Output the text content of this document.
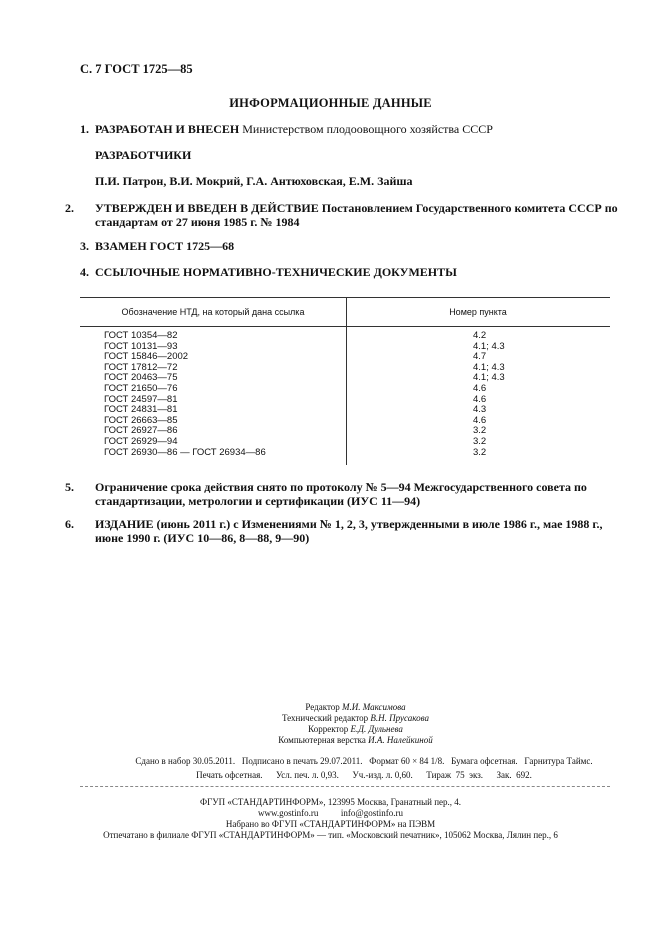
С. 7 ГОСТ 1725—85
ИНФОРМАЦИОННЫЕ ДАННЫЕ
1. РАЗРАБОТАН И ВНЕСЕН Министерством плодоовощного хозяйства СССР
РАЗРАБОТЧИКИ
П.И. Патрон, В.И. Мокрий, Г.А. Антюховская, Е.М. Зайша
2. УТВЕРЖДЕН И ВВЕДЕН В ДЕЙСТВИЕ Постановлением Государственного комитета СССР по стандартам от 27 июня 1985 г. № 1984
3. ВЗАМЕН ГОСТ 1725—68
4. ССЫЛОЧНЫЕ НОРМАТИВНО-ТЕХНИЧЕСКИЕ ДОКУМЕНТЫ
Обозначение НТД, на который дана ссылка	Номер пункта
ГОСТ 10354—82	4.2
ГОСТ 10131—93	4.1; 4.3
ГОСТ 15846—2002	4.7
ГОСТ 17812—72	4.1; 4.3
ГОСТ 20463—75	4.1; 4.3
ГОСТ 21650—76	4.6
ГОСТ 24597—81	4.6
ГОСТ 24831—81	4.3
ГОСТ 26663—85	4.6
ГОСТ 26927—86	3.2
ГОСТ 26929—94	3.2
ГОСТ 26930—86 — ГОСТ 26934—86	3.2
5. Ограничение срока действия снято по протоколу № 5—94 Межгосударственного совета по стандартизации, метрологии и сертификации (ИУС 11—94)
6. ИЗДАНИЕ (июнь 2011 г.) с Изменениями № 1, 2, 3, утвержденными в июле 1986 г., мае 1988 г., июне 1990 г. (ИУС 10—86, 8—88, 9—90)
Редактор М.И. Максимова
Технический редактор В.Н. Прусакова
Корректор Е.Д. Дульнева
Компьютерная верстка И.А. Налейкиной
Сдано в набор 30.05.2011.   Подписано в печать 29.07.2011.   Формат 60 × 84 1/8.   Бумага офсетная.   Гарнитура Таймс.
Печать офсетная.      Усл. печ. л. 0,93.      Уч.-изд. л. 0,60.      Тираж  75  экз.      Зак.  692.
ФГУП «СТАНДАРТИНФОРМ», 123995 Москва, Гранатный пер., 4.
www.gostinfo.ru          info@gostinfo.ru
Набрано во ФГУП «СТАНДАРТИНФОРМ» на ПЭВМ
Отпечатано в филиале ФГУП «СТАНДАРТИНФОРМ» — тип. «Московский печатник», 105062 Москва, Лялин пер., 6
